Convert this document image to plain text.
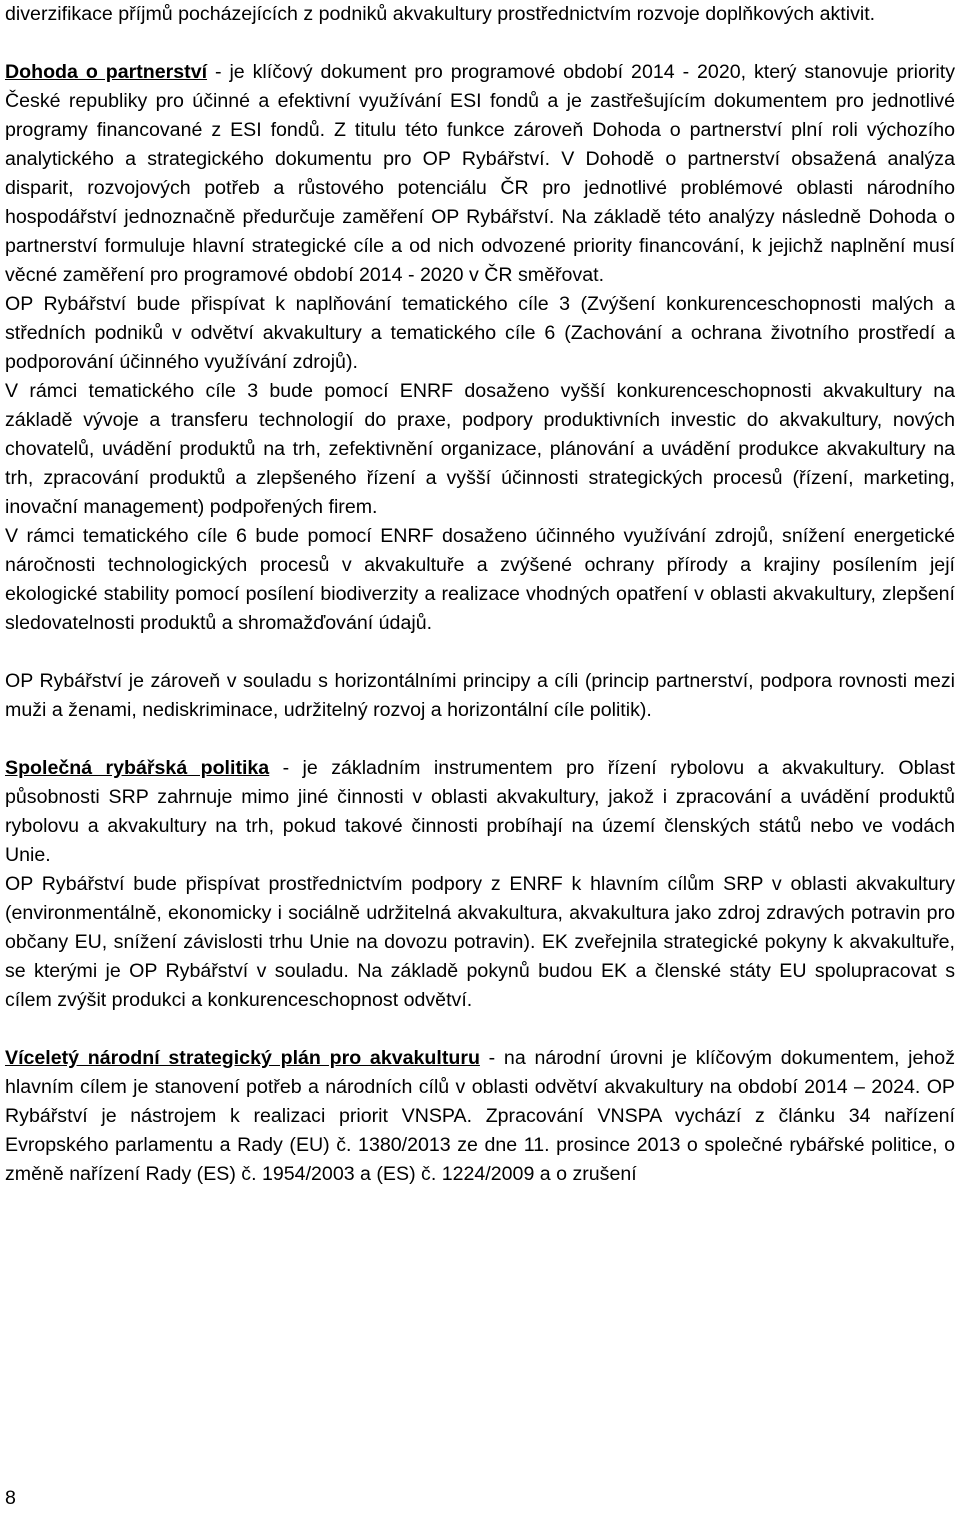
diverzifikace příjmů pocházejících z podniků akvakultury prostřednictvím rozvoje doplňkových aktivit.

Dohoda o partnerství - je klíčový dokument pro programové období 2014 - 2020, který stanovuje priority České republiky pro účinné a efektivní využívání ESI fondů a je zastřešujícím dokumentem pro jednotlivé programy financované z ESI fondů. Z titulu této funkce zároveň Dohoda o partnerství plní roli výchozího analytického a strategického dokumentu pro OP Rybářství. V Dohodě o partnerství obsažená analýza disparit, rozvojových potřeb a růstového potenciálu ČR pro jednotlivé problémové oblasti národního hospodářství jednoznačně předurčuje zaměření OP Rybářství. Na základě této analýzy následně Dohoda o partnerství formuluje hlavní strategické cíle a od nich odvozené priority financování, k jejichž naplnění musí věcné zaměření pro programové období 2014 - 2020 v ČR směřovat.

OP Rybářství bude přispívat k naplňování tematického cíle 3 (Zvýšení konkurenceschopnosti malých a středních podniků v odvětví akvakultury a tematického cíle 6 (Zachování a ochrana životního prostředí a podporování účinného využívání zdrojů).

V rámci tematického cíle 3 bude pomocí ENRF dosaženo vyšší konkurenceschopnosti akvakultury na základě vývoje a transferu technologií do praxe, podpory produktivních investic do akvakultury, nových chovatelů, uvádění produktů na trh, zefektivnění organizace, plánování a uvádění produkce akvakultury na trh, zpracování produktů a zlepšeného řízení a vyšší účinnosti strategických procesů (řízení, marketing, inovační management) podpořených firem.

V rámci tematického cíle 6 bude pomocí ENRF dosaženo účinného využívání zdrojů, snížení energetické náročnosti technologických procesů v akvakultuře a zvýšené ochrany přírody a krajiny posílením její ekologické stability pomocí posílení biodiverzity a realizace vhodných opatření v oblasti akvakultury, zlepšení sledovatelnosti produktů a shromažďování údajů.

OP Rybářství je zároveň v souladu s horizontálními principy a cíli (princip partnerství, podpora rovnosti mezi muži a ženami, nediskriminace, udržitelný rozvoj a horizontální cíle politik).

Společná rybářská politika - je základním instrumentem pro řízení rybolovu a akvakultury. Oblast působnosti SRP zahrnuje mimo jiné činnosti v oblasti akvakultury, jakož i zpracování a uvádění produktů rybolovu a akvakultury na trh, pokud takové činnosti probíhají na území členských států nebo ve vodách Unie.

OP Rybářství bude přispívat prostřednictvím podpory z ENRF k hlavním cílům SRP v oblasti akvakultury (environmentálně, ekonomicky i sociálně udržitelná akvakultura, akvakultura jako zdroj zdravých potravin pro občany EU, snížení závislosti trhu Unie na dovozu potravin). EK zveřejnila strategické pokyny k akvakultuře, se kterými je OP Rybářství v souladu. Na základě pokynů budou EK a členské státy EU spolupracovat s cílem zvýšit produkci a konkurenceschopnost odvětví.

Víceletý národní strategický plán pro akvakulturu - na národní úrovni je klíčovým dokumentem, jehož hlavním cílem je stanovení potřeb a národních cílů v oblasti odvětví akvakultury na období 2014 – 2024. OP Rybářství je nástrojem k realizaci priorit VNSPA. Zpracování VNSPA vychází z článku 34 nařízení Evropského parlamentu a Rady (EU) č. 1380/2013 ze dne 11. prosince 2013 o společné rybářské politice, o změně nařízení Rady (ES) č. 1954/2003 a (ES) č. 1224/2009 a o zrušení

8
